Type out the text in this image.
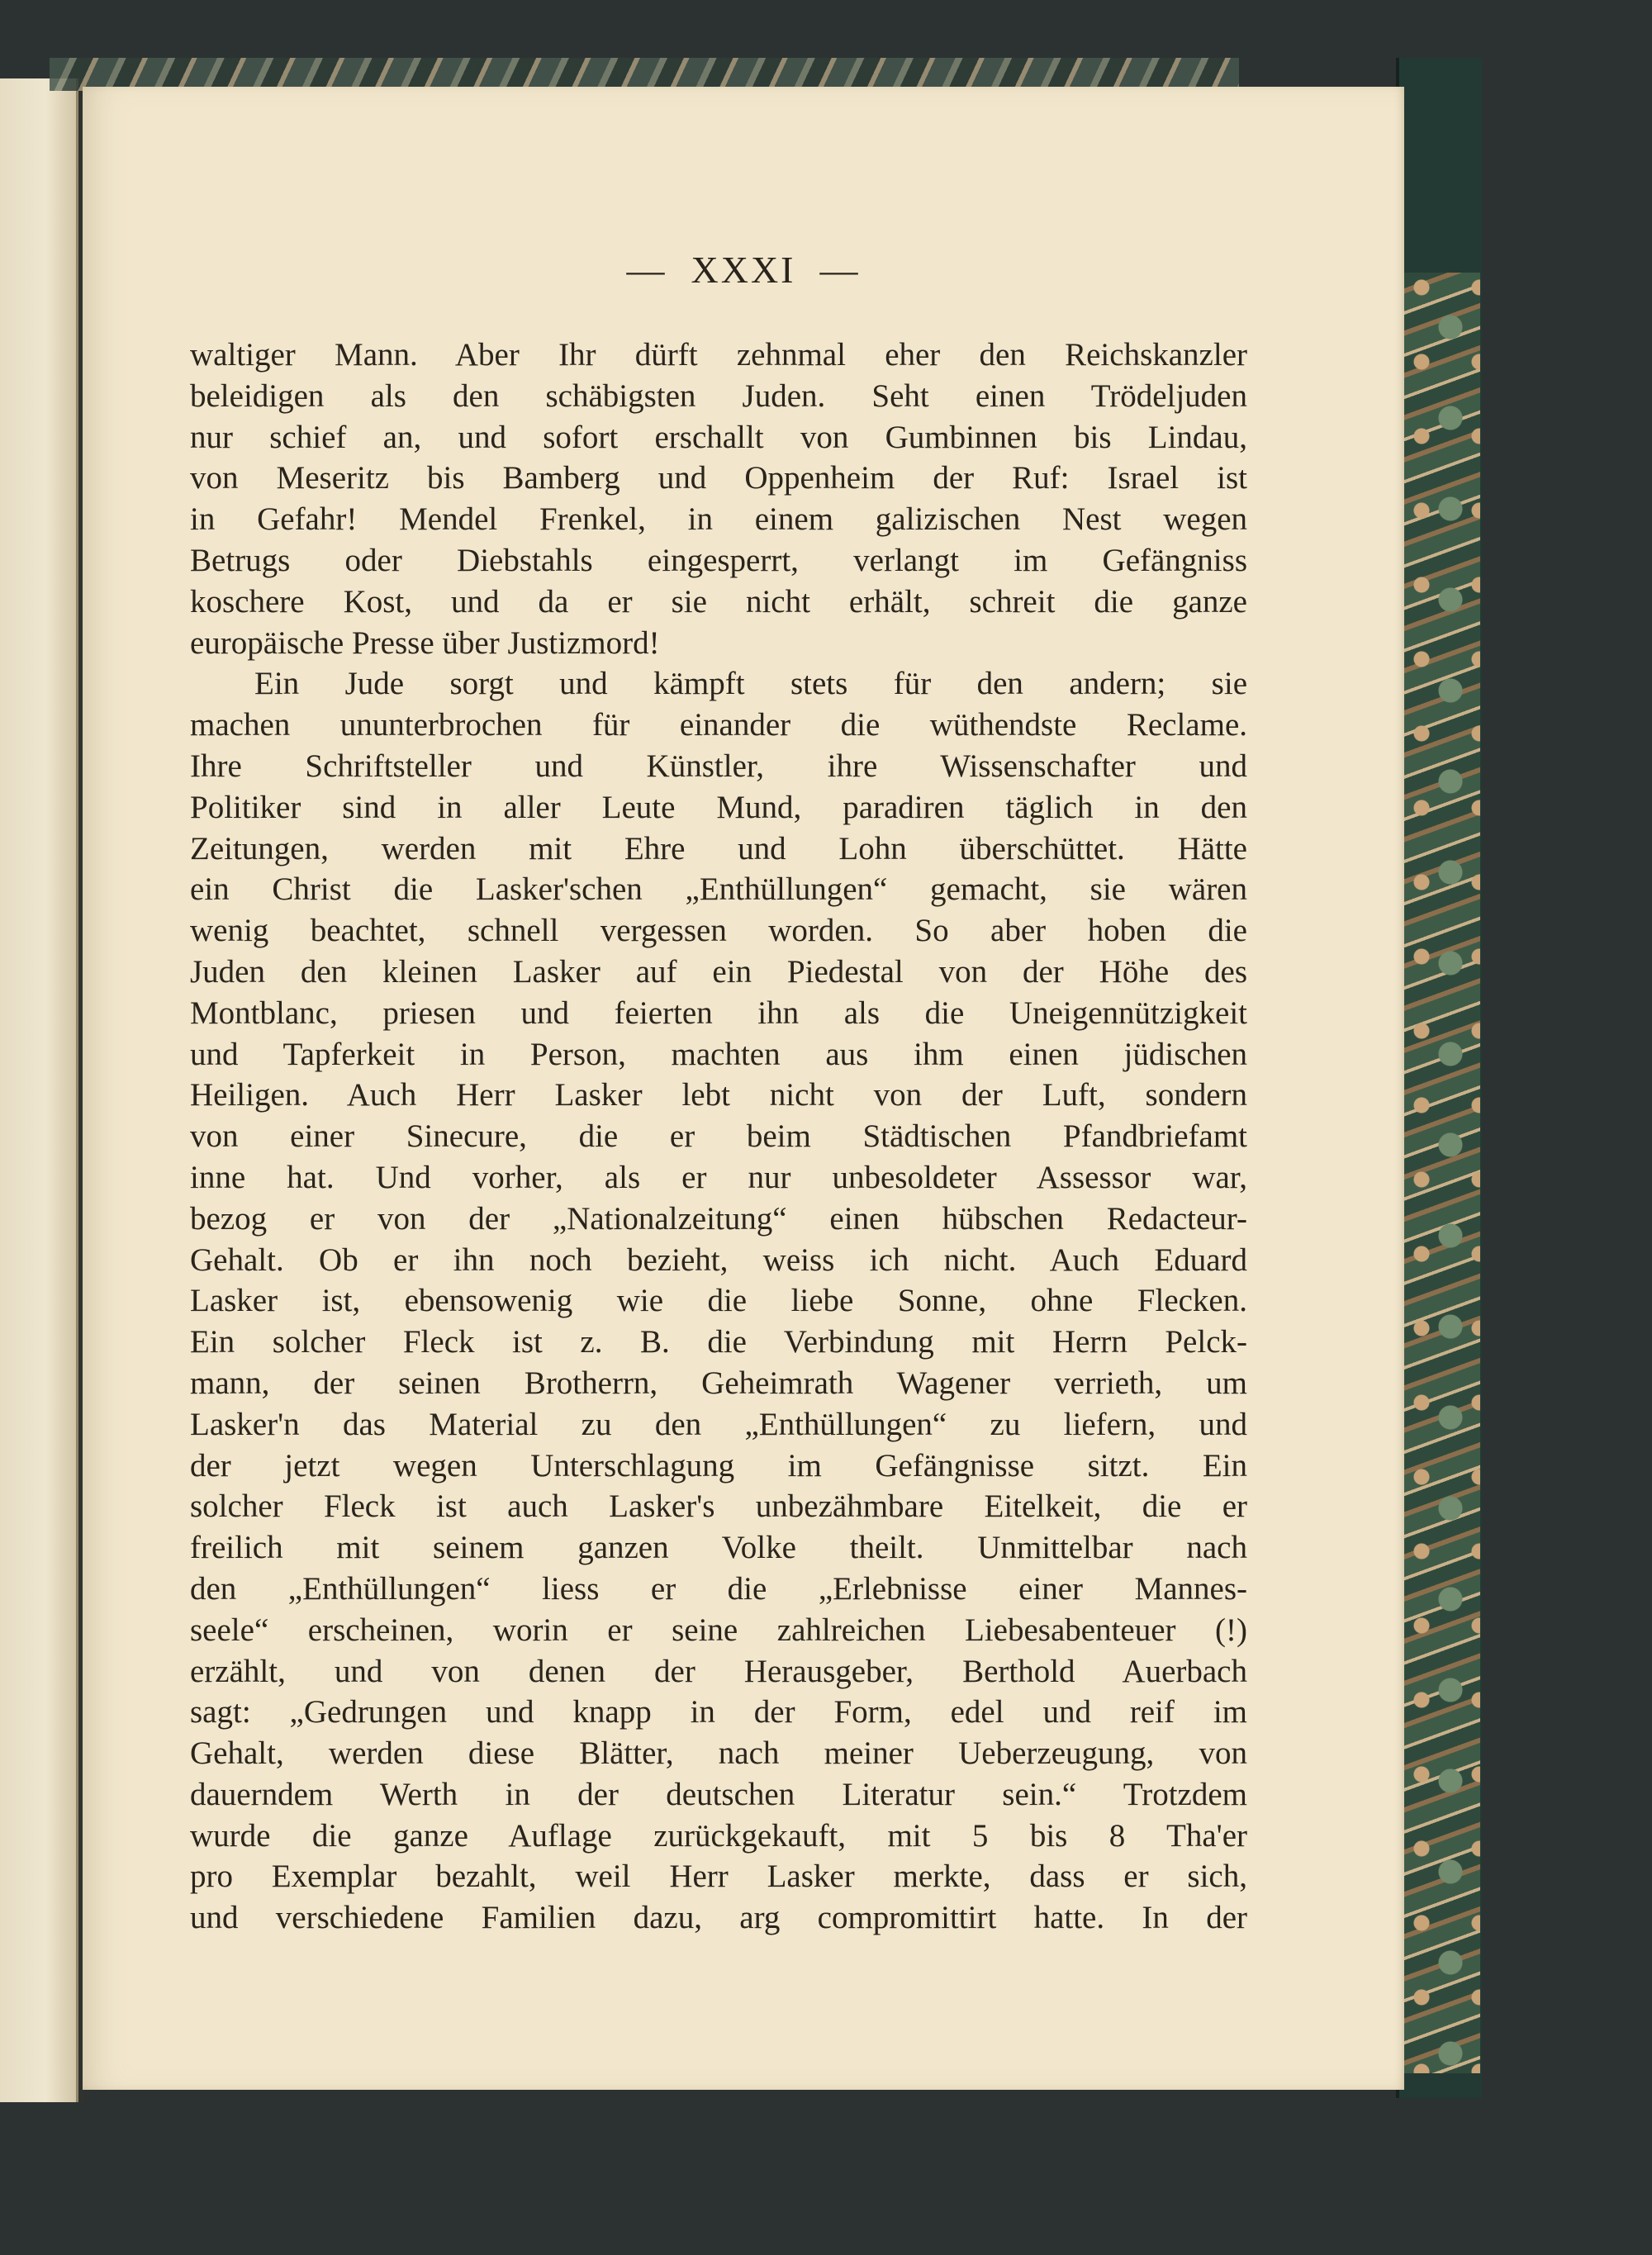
—  XXXI  —
waltiger Mann. Aber Ihr dürft zehnmal eher den Reichskanzler
beleidigen als den schäbigsten Juden. Seht einen Trödeljuden
nur schief an, und sofort erschallt von Gumbinnen bis Lindau,
von Meseritz bis Bamberg und Oppenheim der Ruf: Israel ist
in Gefahr! Mendel Frenkel, in einem galizischen Nest wegen
Betrugs oder Diebstahls eingesperrt, verlangt im Gefängniss
koschere Kost, und da er sie nicht erhält, schreit die ganze
europäische Presse über Justizmord!
Ein Jude sorgt und kämpft stets für den andern; sie
machen ununterbrochen für einander die wüthendste Reclame.
Ihre Schriftsteller und Künstler, ihre Wissenschafter und
Politiker sind in aller Leute Mund, paradiren täglich in den
Zeitungen, werden mit Ehre und Lohn überschüttet. Hätte
ein Christ die Lasker'schen „Enthüllungen“ gemacht, sie wären
wenig beachtet, schnell vergessen worden. So aber hoben die
Juden den kleinen Lasker auf ein Piedestal von der Höhe des
Montblanc, priesen und feierten ihn als die Uneigennützigkeit
und Tapferkeit in Person, machten aus ihm einen jüdischen
Heiligen. Auch Herr Lasker lebt nicht von der Luft, sondern
von einer Sinecure, die er beim Städtischen Pfandbriefamt
inne hat. Und vorher, als er nur unbesoldeter Assessor war,
bezog er von der „Nationalzeitung“ einen hübschen Redacteur-
Gehalt. Ob er ihn noch bezieht, weiss ich nicht. Auch Eduard
Lasker ist, ebensowenig wie die liebe Sonne, ohne Flecken.
Ein solcher Fleck ist z. B. die Verbindung mit Herrn Pelck-
mann, der seinen Brotherrn, Geheimrath Wagener verrieth, um
Lasker'n das Material zu den „Enthüllungen“ zu liefern, und
der jetzt wegen Unterschlagung im Gefängnisse sitzt. Ein
solcher Fleck ist auch Lasker's unbezähmbare Eitelkeit, die er
freilich mit seinem ganzen Volke theilt. Unmittelbar nach
den „Enthüllungen“ liess er die „Erlebnisse einer Mannes-
seele“ erscheinen, worin er seine zahlreichen Liebesabenteuer (!)
erzählt, und von denen der Herausgeber, Berthold Auerbach
sagt: „Gedrungen und knapp in der Form, edel und reif im
Gehalt, werden diese Blätter, nach meiner Ueberzeugung, von
dauerndem Werth in der deutschen Literatur sein.“ Trotzdem
wurde die ganze Auflage zurückgekauft, mit 5 bis 8 Tha'er
pro Exemplar bezahlt, weil Herr Lasker merkte, dass er sich,
und verschiedene Familien dazu, arg compromittirt hatte. In der
